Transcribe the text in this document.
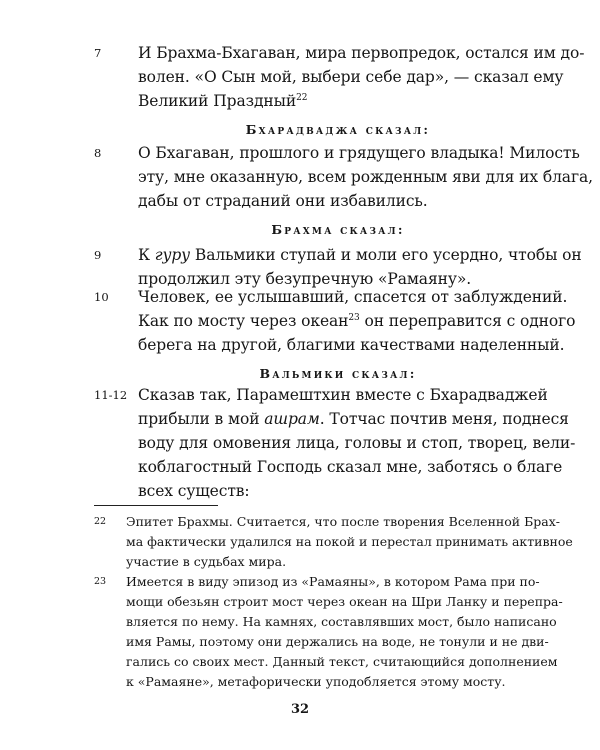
7	И Брахма-Бхагаван, мира первопредок, остался им до-
волен. «О Сын мой, выбери себе дар», — сказал ему
Великий Праздный$^{22}$
Бхарадваджа сказал:
8	О Бхагаван, прошлого и грядущего владыка! Милость
эту, мне оказанную, всем рожденным яви для их блага,
дабы от страданий они избавились.
Брахма сказал:
9	К гуру Вальмики ступай и моли его усердно, чтобы он
продолжил эту безупречную «Рамаяну».
10	Человек, ее услышавший, спасется от заблуждений.
Как по мосту через океан$^{23}$ он переправится с одного
берега на другой, благими качествами наделенный.
Вальмики сказал:
11-12 Сказав так, Парамештхин вместе с Бхарадваджей
прибыли в мой ашрам. Тотчас почтив меня, поднеся
воду для омовения лица, головы и стоп, творец, вели-
коблагостный Господь сказал мне, заботясь о благе
всех существ:
22	Эпитет Брахмы. Считается, что после творения Вселенной Брах-
ма фактически удалился на покой и перестал принимать активное
участие в судьбах мира.
23	Имеется в виду эпизод из «Рамаяны», в котором Рама при по-
мощи обезьян строит мост через океан на Шри Ланку и перепра-
вляется по нему. На камнях, составлявших мост, было написано
имя Рамы, поэтому они держались на воде, не тонули и не дви-
гались со своих мест. Данный текст, считающийся дополнением
к «Рамаяне», метафорически уподобляется этому мосту.
32
